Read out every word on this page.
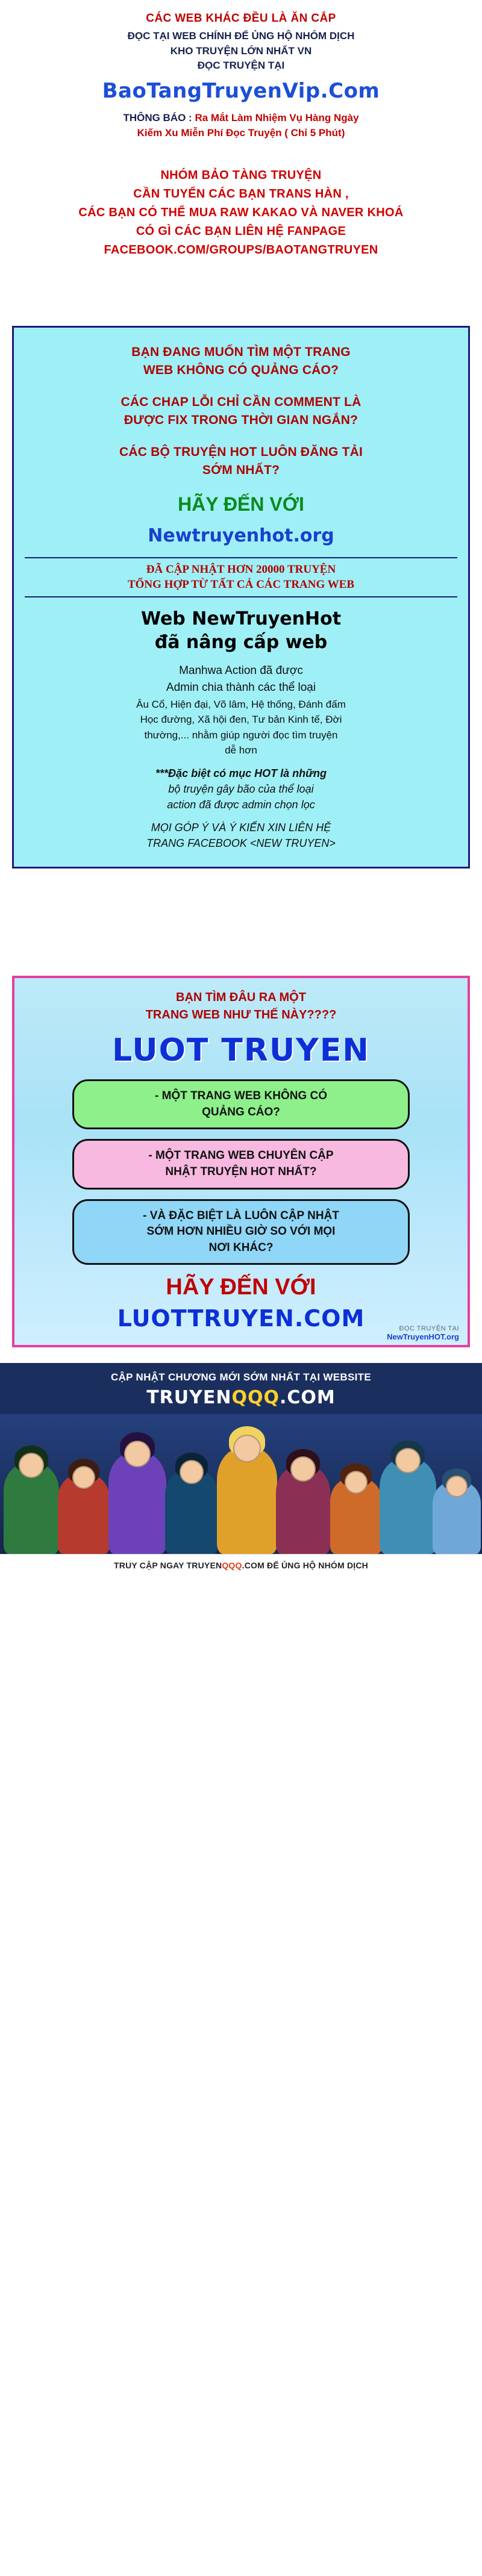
CÁC WEB KHÁC ĐỀU LÀ ĂN CẮP
ĐỌC TẠI WEB CHÍNH ĐỂ ỦNG HỘ NHÓM DỊCH
KHO TRUYỆN LỚN NHẤT VN
ĐỌC TRUYỆN TẠI
BaoTangTruyenVip.Com
THÔNG BÁO : Ra Mắt Làm Nhiệm Vụ Hàng Ngày
Kiếm Xu Miễn Phí Đọc Truyện ( Chỉ 5 Phút)
NHÓM BẢO TÀNG TRUYỆN
CẦN TUYỂN CÁC BẠN TRANS HÀN ,
CÁC BẠN CÓ THỂ MUA RAW KAKAO VÀ NAVER KHOÁ
CÓ GÌ CÁC BẠN LIÊN HỆ FANPAGE
FACEBOOK.COM/GROUPS/BAOTANGTRUYEN
BẠN ĐANG MUỐN TÌM MỘT TRANG
WEB KHÔNG CÓ QUẢNG CÁO?
CÁC CHAP LỖI CHỈ CẦN COMMENT LÀ
ĐƯỢC FIX TRONG THỜI GIAN NGẮN?
CÁC BỘ TRUYỆN HOT LUÔN ĐĂNG TẢI
SỚM NHẤT?
HÃY ĐẾN VỚI
Newtruyenhot.org
ĐÃ CẬP NHẬT HƠN 20000 TRUYỆN
TỔNG HỢP TỪ TẤT CẢ CÁC TRANG WEB
Web NewTruyenHot
đã nâng cấp web
Manhwa Action đã được
Admin chia thành các thể loại
Âu Cổ, Hiện đại, Võ lâm, Hệ thống, Đánh đấm
Học đường, Xã hội đen, Tư bản Kinh tế, Đời
thường,... nhằm giúp người đọc tìm truyện
dễ hơn
***Đặc biệt có mục HOT là những
bộ truyện gây bão của thể loại
action đã được admin chọn lọc
MỌI GÓP Ý VÀ Ý KIẾN XIN LIÊN HỆ
TRANG FACEBOOK <NEW TRUYEN>
BẠN TÌM ĐÂU RA MỘT
TRANG WEB NHƯ THẾ NÀY????
LUOT TRUYEN
- MỘT TRANG WEB KHÔNG CÓ
QUẢNG CÁO?
- MỘT TRANG WEB CHUYÊN CẬP
NHẬT TRUYỆN HOT NHẤT?
- VÀ ĐẶC BIỆT LÀ LUÔN CẬP NHẬT
SỚM HƠN NHIỀU GIỜ SO VỚI MỌI
NƠI KHÁC?
HÃY ĐẾN VỚI
LUOTTRUYEN.COM	ĐỌC TRUYỆN TẠI
NewTruyenHOT.org
CẬP NHẬT CHƯƠNG MỚI SỚM NHẤT TẠI WEBSITE
TRUYENQQQ.COM
TRUY CẬP NGAY TRUYENQQQ.COM ĐỂ ỦNG HỘ NHÓM DỊCH
